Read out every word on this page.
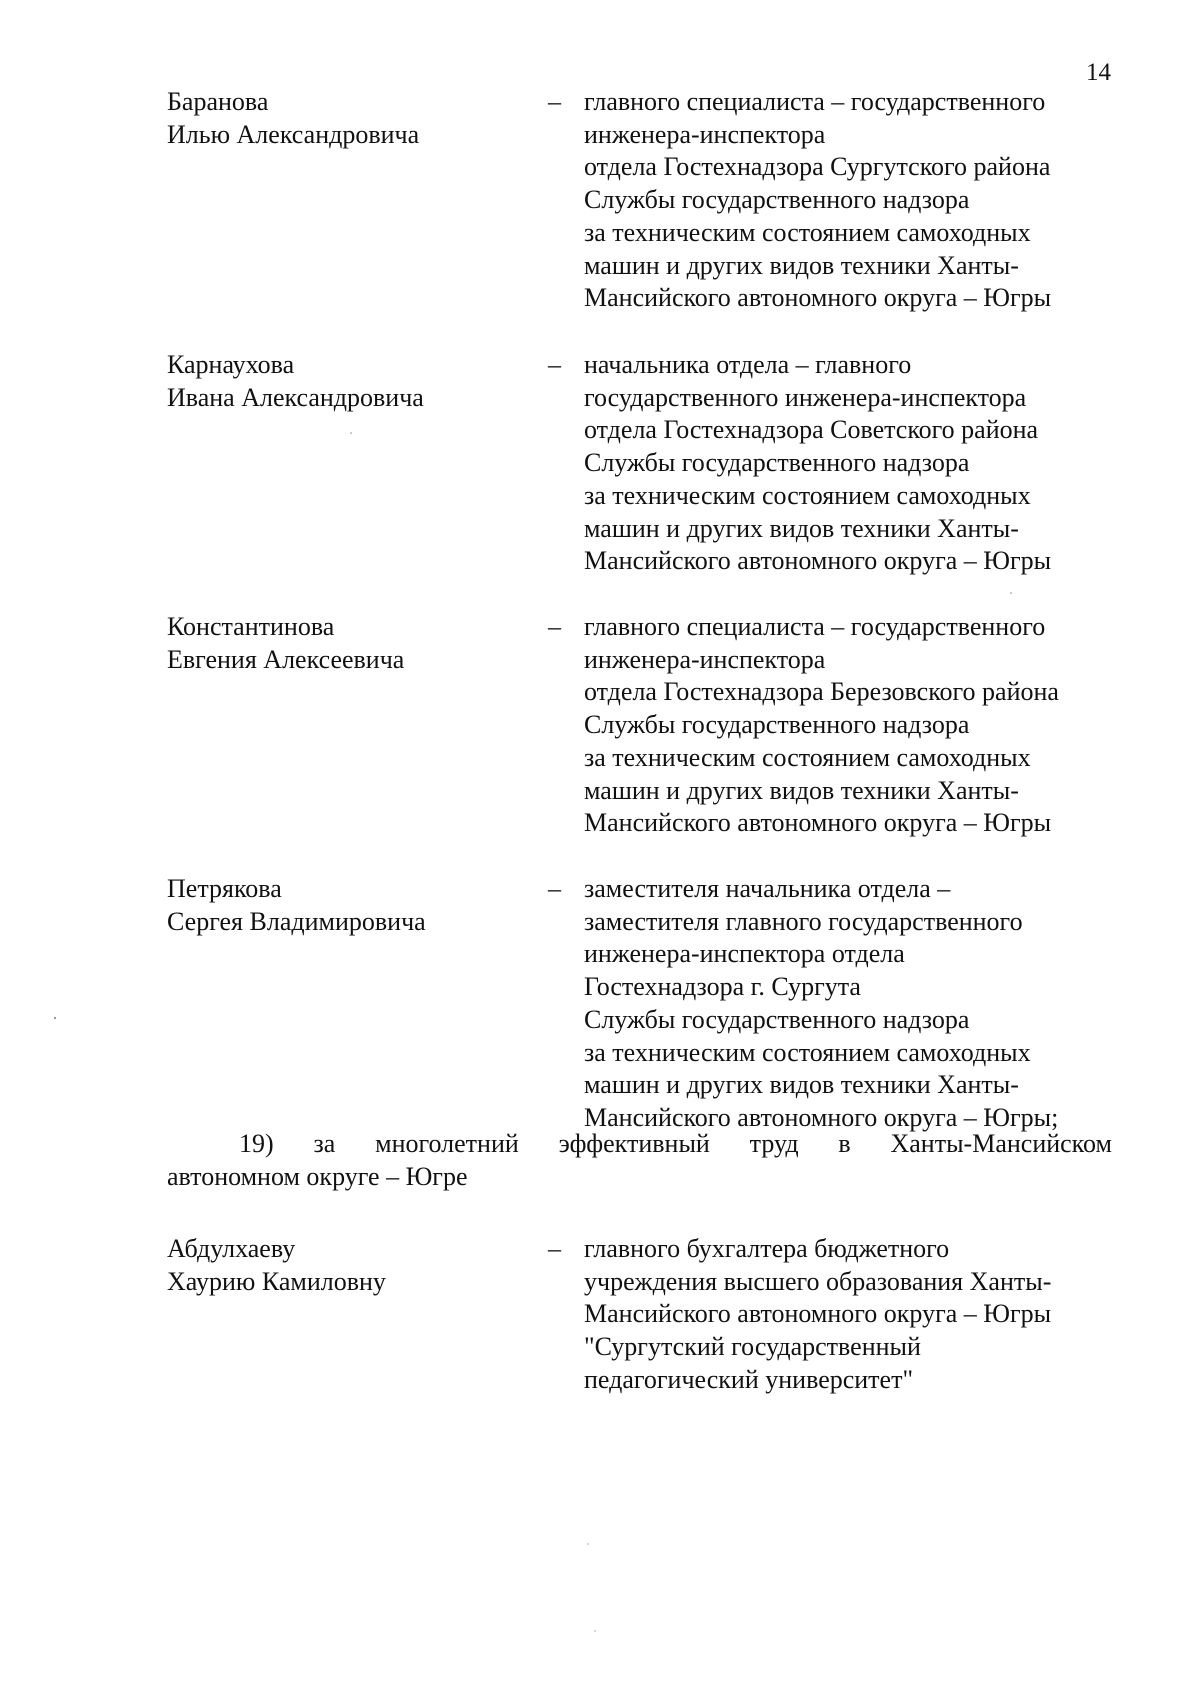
14
Баранова
Илью Александровича
– главного специалиста – государственного
инженера-инспектора
отдела Гостехнадзора Сургутского района
Службы государственного надзора
за техническим состоянием самоходных
машин и других видов техники Ханты-
Мансийского автономного округа – Югры
Карнаухова
Ивана Александровича
– начальника отдела – главного
государственного инженера-инспектора
отдела Гостехнадзора Советского района
Службы государственного надзора
за техническим состоянием самоходных
машин и других видов техники Ханты-
Мансийского автономного округа – Югры
Константинова
Евгения Алексеевича
– главного специалиста – государственного
инженера-инспектора
отдела Гостехнадзора Березовского района
Службы государственного надзора
за техническим состоянием самоходных
машин и других видов техники Ханты-
Мансийского автономного округа – Югры
Петрякова
Сергея Владимировича
– заместителя начальника отдела –
заместителя главного государственного
инженера-инспектора отдела
Гостехнадзора г. Сургута
Службы государственного надзора
за техническим состоянием самоходных
машин и других видов техники Ханты-
Мансийского автономного округа – Югры;
19) за многолетний эффективный труд в Ханты-Мансийском
автономном округе – Югре
Абдулхаеву
Хаурию Камиловну
– главного бухгалтера бюджетного
учреждения высшего образования Ханты-
Мансийского автономного округа – Югры
"Сургутский государственный
педагогический университет"
